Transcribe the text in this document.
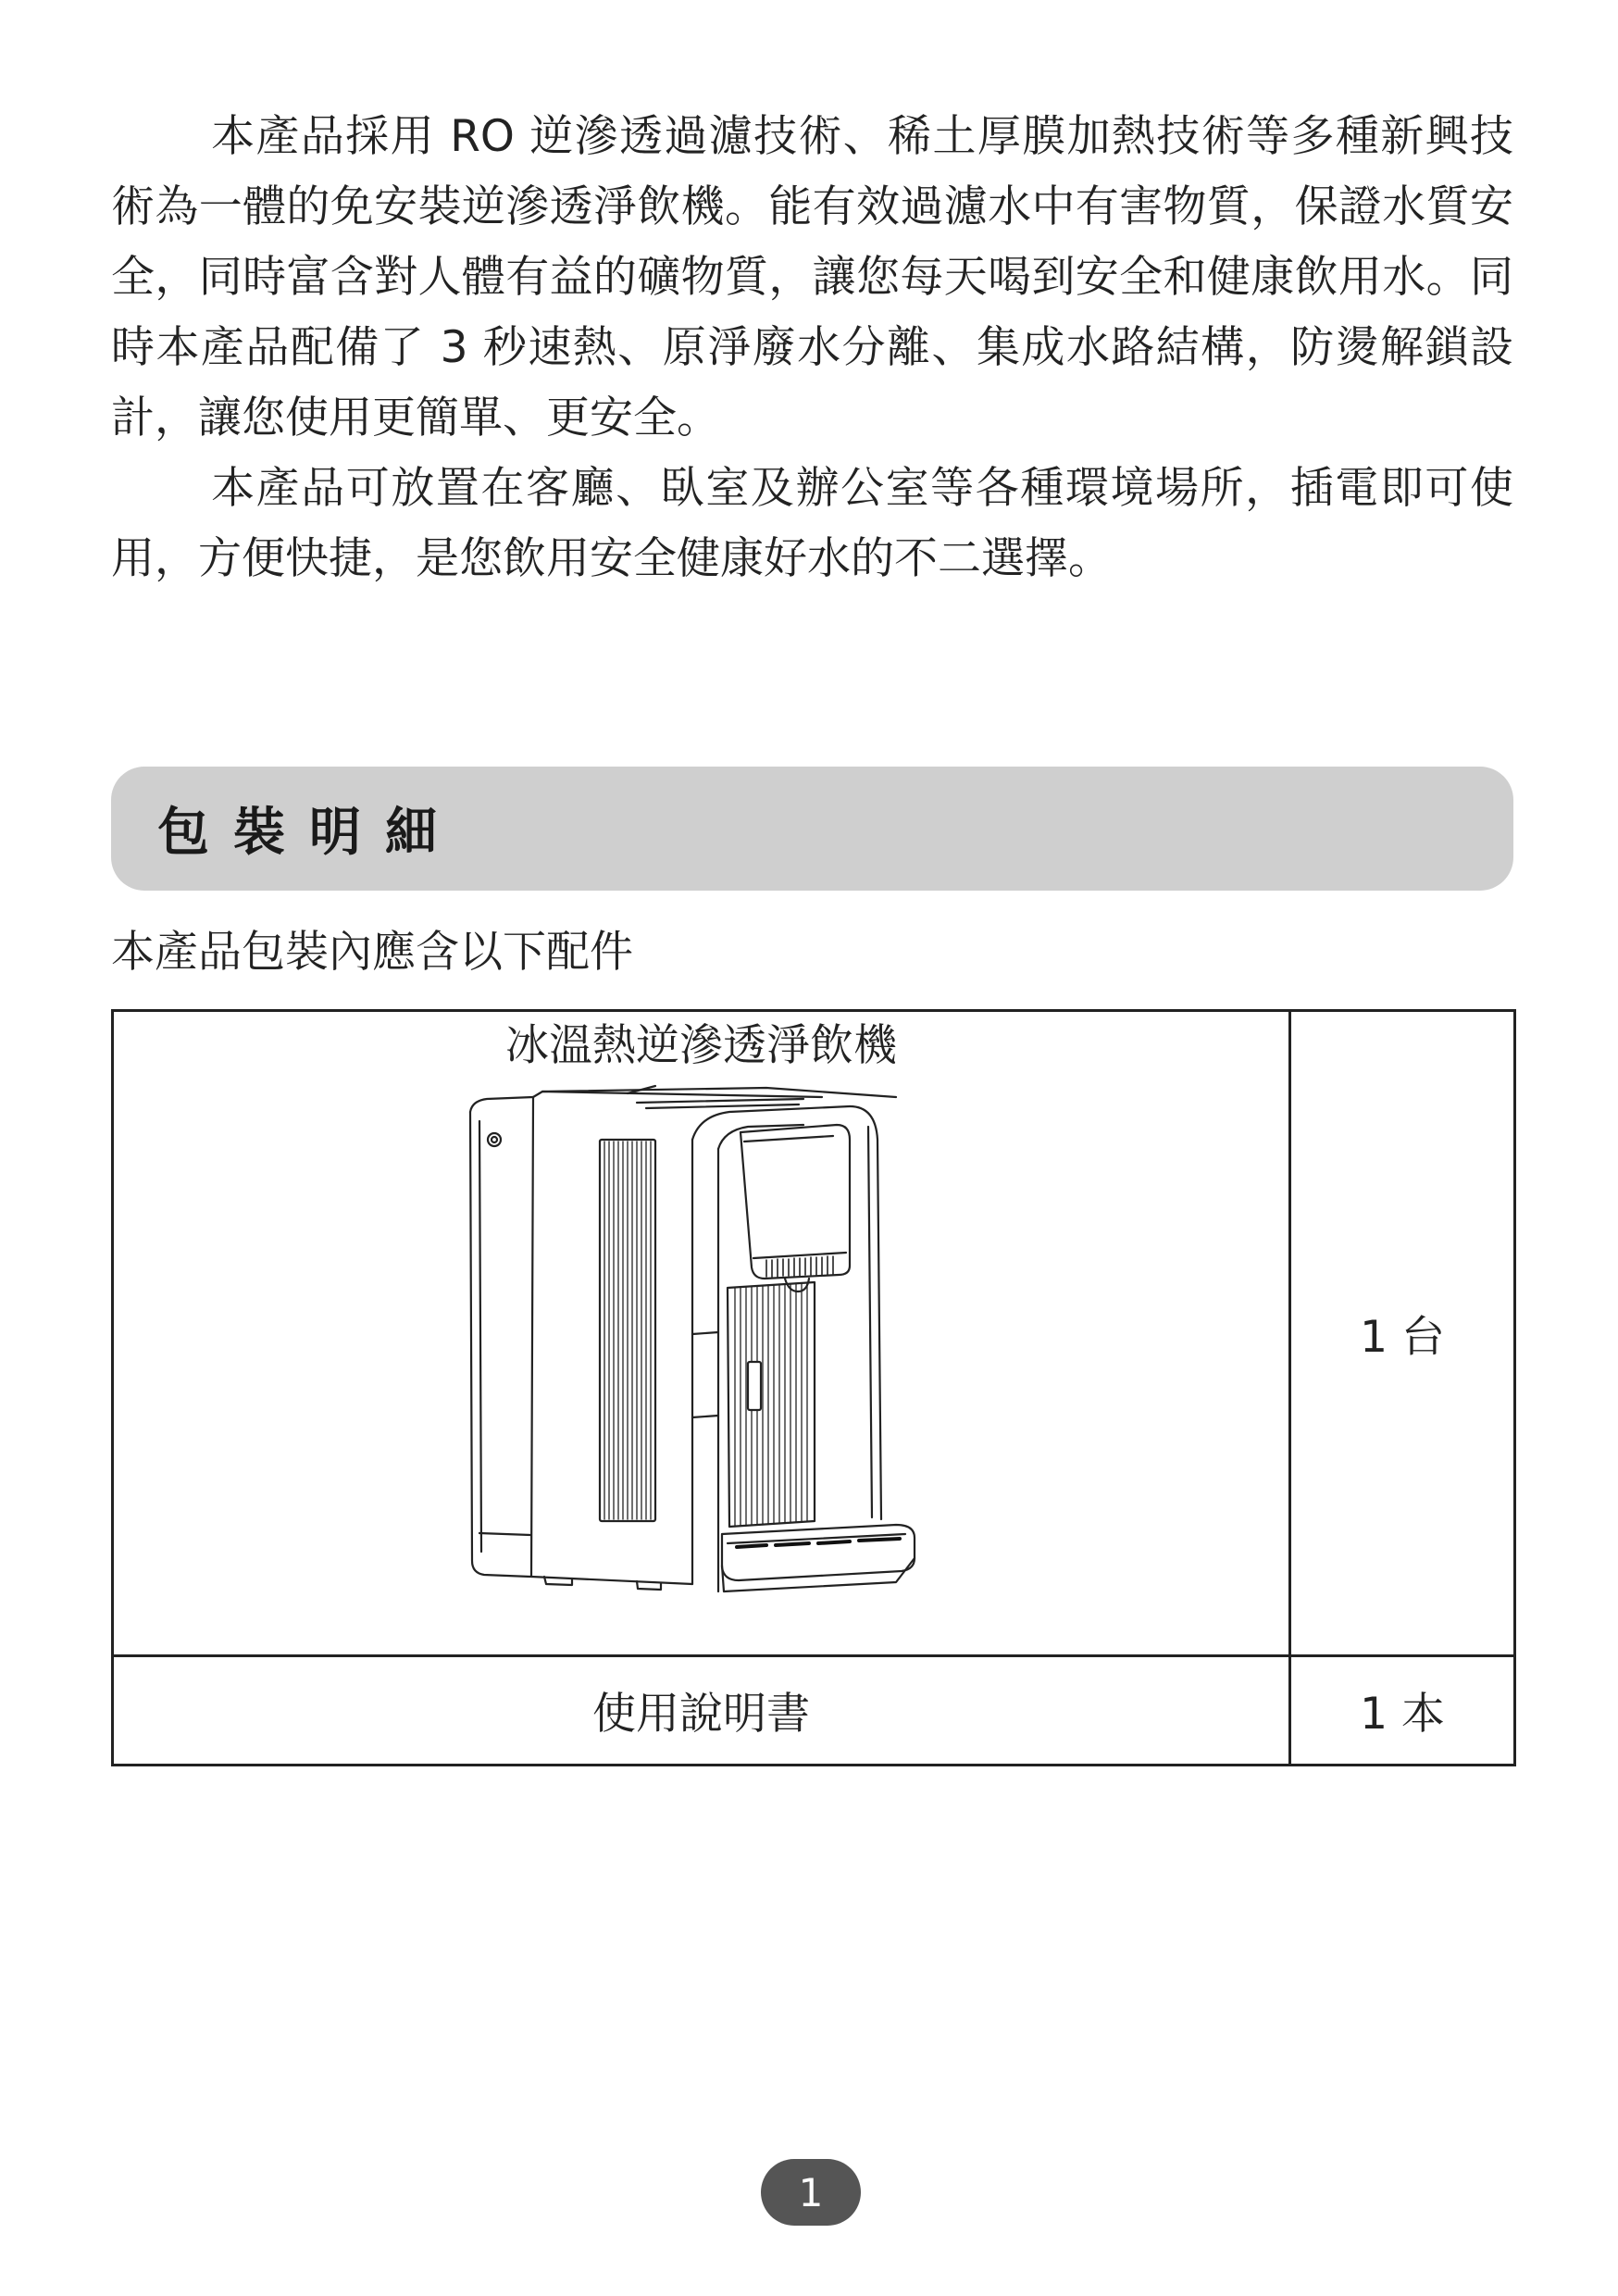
本產品採用 RO 逆滲透過濾技術、稀土厚膜加熱技術等多種新興技術為一體的免安裝逆滲透淨飲機。能有效過濾水中有害物質，保證水質安全，同時富含對人體有益的礦物質，讓您每天喝到安全和健康飲用水。同時本產品配備了 3 秒速熱、原淨廢水分離、集成水路結構，防燙解鎖設計，讓您使用更簡單、更安全。

本產品可放置在客廳、臥室及辦公室等各種環境場所，插電即可使用，方便快捷，是您飲用安全健康好水的不二選擇。

包裝明細
本產品包裝內應含以下配件
冰溫熱逆滲透淨飲機	1 台
使用說明書	1 本
1
